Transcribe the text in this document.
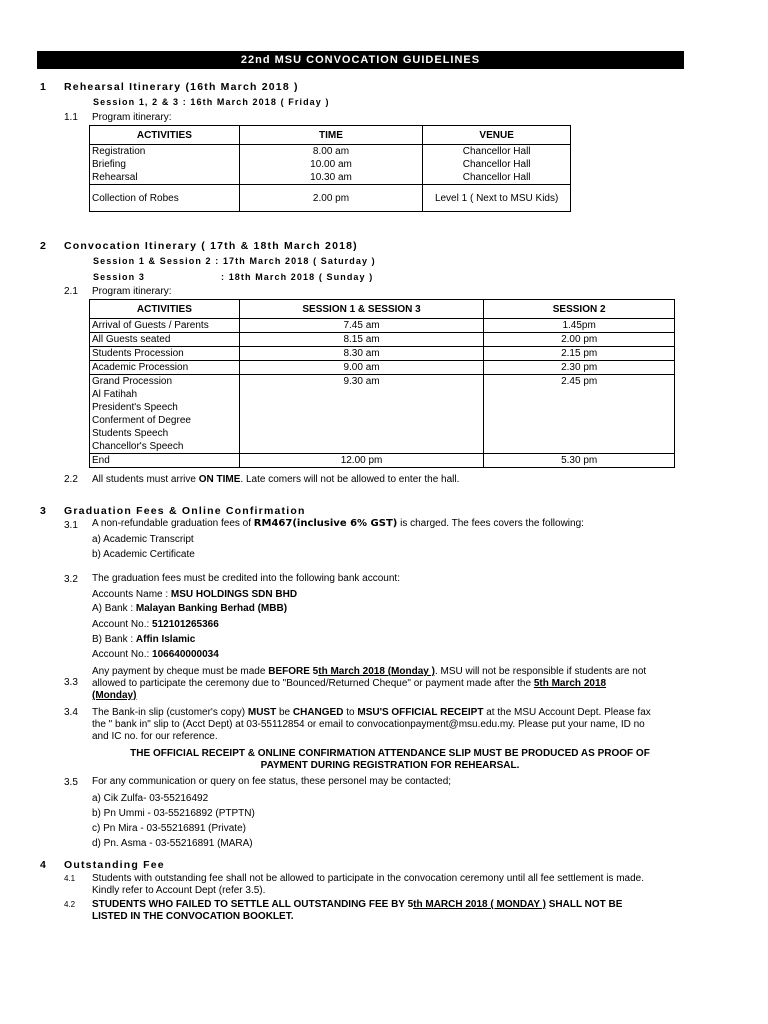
22nd MSU CONVOCATION GUIDELINES
1 Rehearsal Itinerary (16th March 2018 )
Session 1, 2 & 3 : 16th March 2018 ( Friday )
1.1 Program itinerary:
ACTIVITIES	TIME	VENUE
Registration	8.00 am	Chancellor Hall
Briefing	10.00 am	Chancellor Hall
Rehearsal	10.30 am	Chancellor Hall
Collection of Robes	2.00 pm	Level 1 ( Next to MSU Kids)
2 Convocation Itinerary ( 17th & 18th March 2018)
Session 1 & Session 2 : 17th March 2018 ( Saturday )
Session 3	: 18th March 2018 ( Sunday )
2.1 Program itinerary:
ACTIVITIES	SESSION 1 & SESSION 3	SESSION 2
Arrival of Guests / Parents	7.45 am	1.45pm
All Guests seated	8.15 am	2.00 pm
Students Procession	8.30 am	2.15 pm
Academic Procession	9.00 am	2.30 pm
Grand Procession	9.30 am	2.45 pm
Al Fatihah		
President's Speech		
Conferment of Degree		
Students Speech		
Chancellor's Speech		
End	12.00 pm	5.30 pm
2.2 All students must arrive ON TIME. Late comers will not be allowed to enter the hall.
3 Graduation Fees & Online Confirmation
3.1 A non-refundable graduation fees of RM467(inclusive 6% GST) is charged. The fees covers the following:
a) Academic Transcript
b) Academic Certificate
3.2 The graduation fees must be credited into the following bank account:
Accounts Name : MSU HOLDINGS SDN BHD
A) Bank : Malayan Banking Berhad (MBB)
Account No.: 512101265366
B) Bank : Affin Islamic
Account No.: 106640000034
3.3
Any payment by cheque must be made BEFORE 5th March 2018 (Monday ). MSU will not be responsible if students are not
allowed to participate the ceremony due to "Bounced/Returned Cheque" or payment made after the 5th March 2018
(Monday)
3.4 The Bank-in slip (customer's copy) MUST be CHANGED to MSU'S OFFICIAL RECEIPT at the MSU Account Dept. Please fax
the " bank in" slip to (Acct Dept) at 03-55112854 or email to convocationpayment@msu.edu.my. Please put your name, ID no
and IC no. for our reference.
THE OFFICIAL RECEIPT & ONLINE CONFIRMATION ATTENDANCE SLIP MUST BE PRODUCED AS PROOF OF
PAYMENT DURING REGISTRATION FOR REHEARSAL.
3.5 For any communication or query on fee status, these personel may be contacted;
a) Cik Zulfa- 03-55216492
b) Pn Ummi - 03-55216892 (PTPTN)
c) Pn Mira - 03-55216891 (Private)
d) Pn. Asma - 03-55216891 (MARA)
4 Outstanding Fee
4.1 Students with outstanding fee shall not be allowed to participate in the convocation ceremony until all fee settlement is made.
Kindly refer to Account Dept (refer 3.5).
4.2 STUDENTS WHO FAILED TO SETTLE ALL OUTSTANDING FEE BY 5th MARCH 2018 ( MONDAY ) SHALL NOT BE
LISTED IN THE CONVOCATION BOOKLET.
